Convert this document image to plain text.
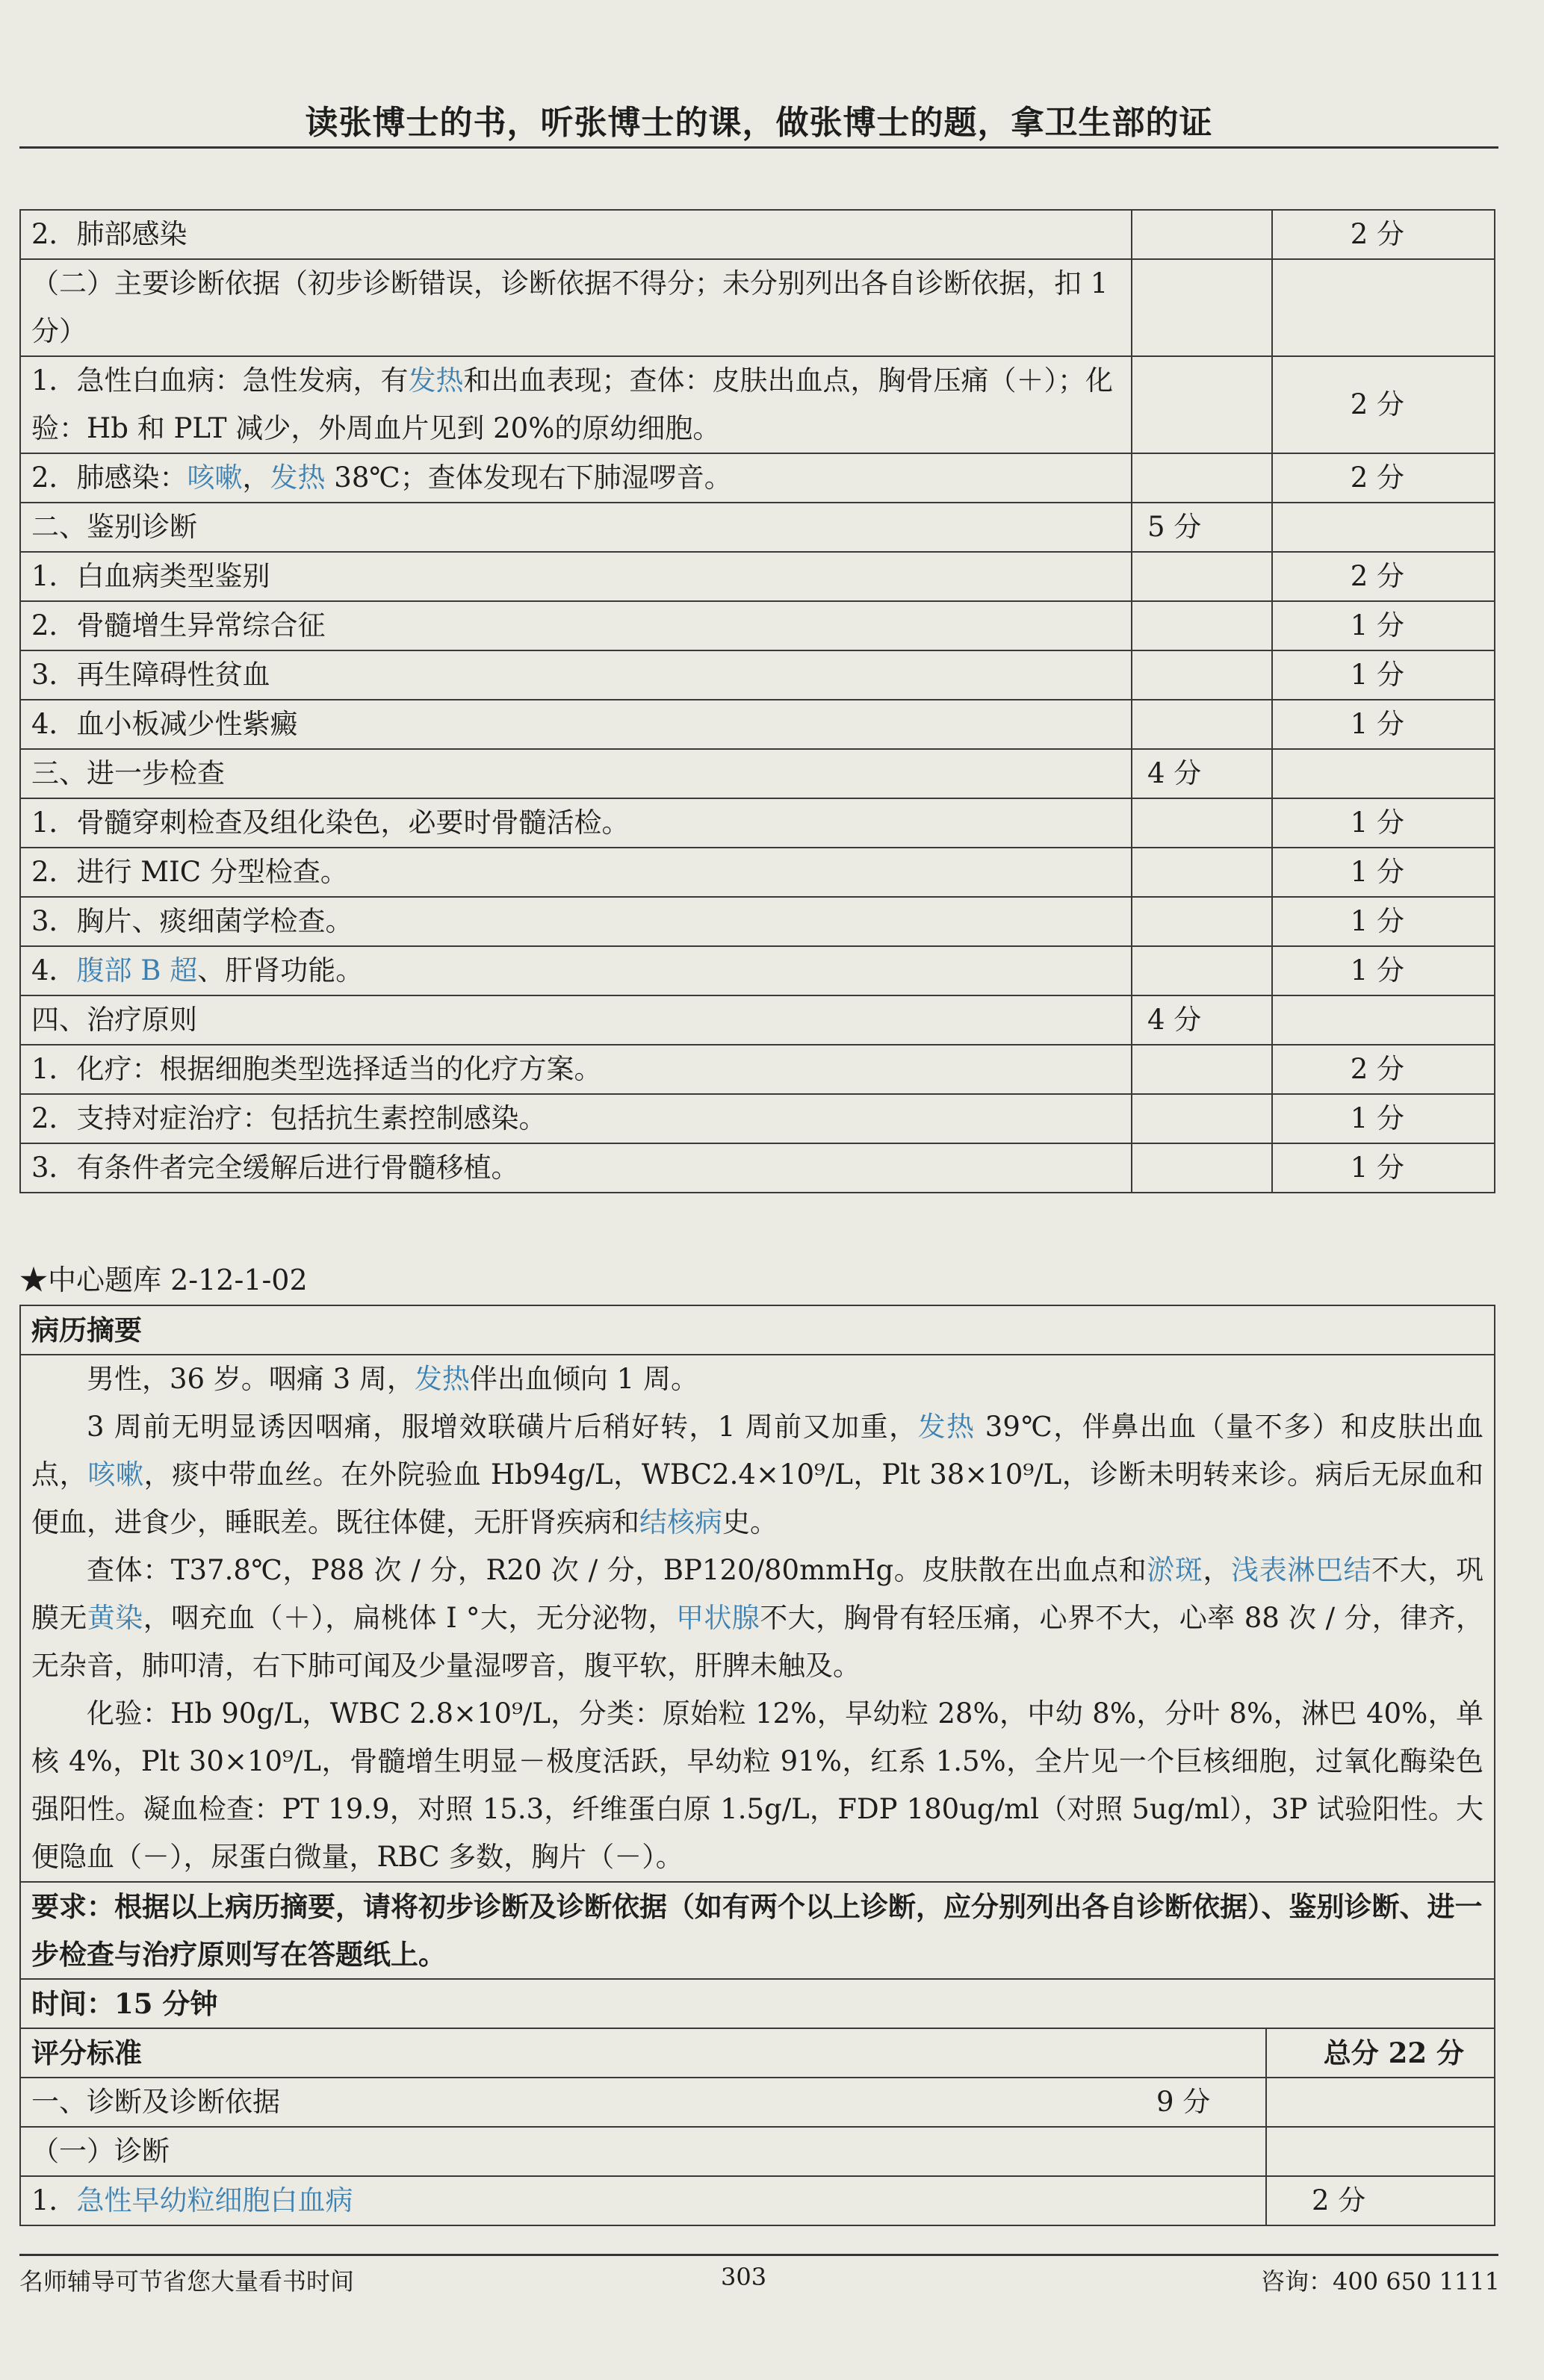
读张博士的书，听张博士的课，做张博士的题，拿卫生部的证
2．肺部感染		2 分
（二）主要诊断依据（初步诊断错误，诊断依据不得分；未分别列出各自诊断依据，扣 1 分）		
1．急性白血病：急性发病，有发热和出血表现；查体：皮肤出血点，胸骨压痛（＋）；化验：Hb 和 PLT 减少，外周血片见到 20%的原幼细胞。		2 分
2．肺感染：咳嗽，发热 38℃；查体发现右下肺湿啰音。		2 分
二、鉴别诊断	5 分	
1．白血病类型鉴别		2 分
2．骨髓增生异常综合征		1 分
3．再生障碍性贫血		1 分
4．血小板减少性紫癜		1 分
三、进一步检查	4 分	
1．骨髓穿刺检查及组化染色，必要时骨髓活检。		1 分
2．进行 MIC 分型检查。		1 分
3．胸片、痰细菌学检查。		1 分
4．腹部 B 超、肝肾功能。		1 分
四、治疗原则	4 分	
1．化疗：根据细胞类型选择适当的化疗方案。		2 分
2．支持对症治疗：包括抗生素控制感染。		1 分
3．有条件者完全缓解后进行骨髓移植。		1 分
★中心题库 2-12-1-02
病历摘要	

男性，36 岁。咽痛 3 周，发热伴出血倾向 1 周。

3 周前无明显诱因咽痛，服增效联磺片后稍好转，1 周前又加重，发热 39℃，伴鼻出血（量不多）和皮肤出血点，咳嗽，痰中带血丝。在外院验血 Hb94g/L，WBC2.4×10⁹/L，Plt 38×10⁹/L，诊断未明转来诊。病后无尿血和便血，进食少，睡眠差。既往体健，无肝肾疾病和结核病史。

查体：T37.8℃，P88 次 / 分，R20 次 / 分，BP120/80mmHg。皮肤散在出血点和淤斑，浅表淋巴结不大，巩膜无黄染，咽充血（＋），扁桃体 I °大，无分泌物，甲状腺不大，胸骨有轻压痛，心界不大，心率 88 次 / 分，律齐，无杂音，肺叩清，右下肺可闻及少量湿啰音，腹平软，肝脾未触及。

化验：Hb 90g/L，WBC 2.8×10⁹/L，分类：原始粒 12%，早幼粒 28%，中幼 8%，分叶 8%，淋巴 40%，单核 4%，Plt 30×10⁹/L，骨髓增生明显－极度活跃，早幼粒 91%，红系 1.5%，全片见一个巨核细胞，过氧化酶染色强阳性。凝血检查：PT 19.9，对照 15.3，纤维蛋白原 1.5g/L，FDP 180ug/ml（对照 5ug/ml），3P 试验阳性。大便隐血（－），尿蛋白微量，RBC 多数，胸片（－）。	

要求：根据以上病历摘要，请将初步诊断及诊断依据（如有两个以上诊断，应分别列出各自诊断依据）、鉴别诊断、进一步检查与治疗原则写在答题纸上。	
时间：15 分钟	
评分标准	总分 22 分
一、诊断及诊断依据 9 分	

（一）诊断	
1．急性早幼粒细胞白血病	2 分
名师辅导可节省您大量看书时间	303	咨询：400 650 1111
